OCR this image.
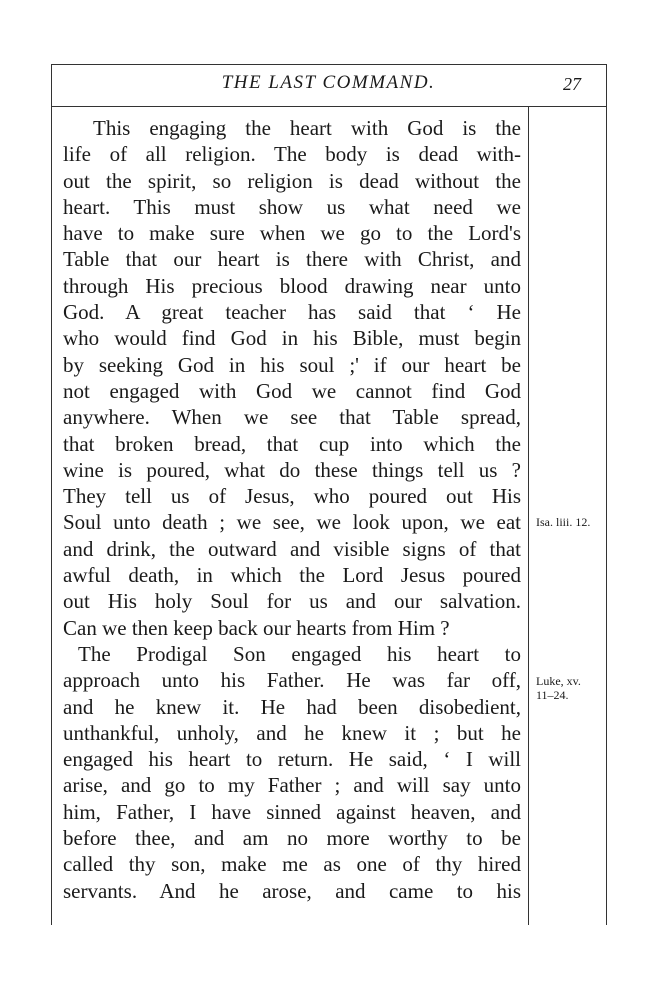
THE LAST COMMAND.	27
This engaging the heart with God is the
life of all religion. The body is dead with-
out the spirit, so religion is dead without the
heart. This must show us what need we
have to make sure when we go to the Lord's
Table that our heart is there with Christ, and
through His precious blood drawing near unto
God. A great teacher has said that ‘ He
who would find God in his Bible, must begin
by seeking God in his soul ;' if our heart be
not engaged with God we cannot find God
anywhere. When we see that Table spread,
that broken bread, that cup into which the
wine is poured, what do these things tell us ?
They tell us of Jesus, who poured out His
Soul unto death ; we see, we look upon, we eat
and drink, the outward and visible signs of that
awful death, in which the Lord Jesus poured
out His holy Soul for us and our salvation.
Can we then keep back our hearts from Him ?
The Prodigal Son engaged his heart to
approach unto his Father. He was far off,
and he knew it. He had been disobedient,
unthankful, unholy, and he knew it ; but he
engaged his heart to return. He said, ‘ I will
arise, and go to my Father ; and will say unto
him, Father, I have sinned against heaven, and
before thee, and am no more worthy to be
called thy son, make me as one of thy hired
servants. And he arose, and came to his
Isa. liii. 12.
Luke, xv.
11–24.
